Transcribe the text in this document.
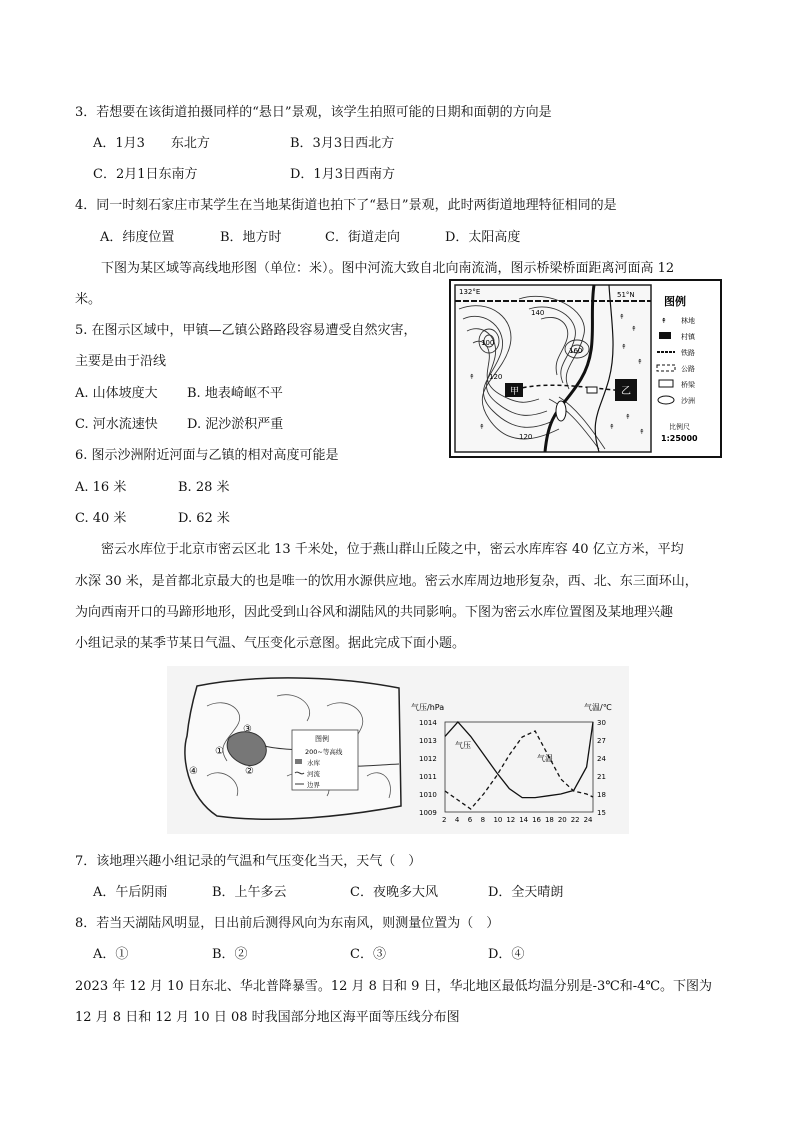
3．若想要在该街道拍摄同样的“悬日”景观，该学生拍照可能的日期和面朝的方向是
A．1月3　　东北方	B．3月3日西北方
C．2月1日东南方	D．1月3日西南方
4．同一时刻石家庄市某学生在当地某街道也拍下了“悬日”景观，此时两街道地理特征相同的是
A．纬度位置	B．地方时	C．街道走向	D．太阳高度
下图为某区域等高线地形图（单位：米）。图中河流大致自北向南流淌，图示桥梁桥面距离河面高 12
米。
5. 在图示区域中，甲镇—乙镇公路路段容易遭受自然灾害，
主要是由于沿线
A. 山体坡度大 B. 地表崎岖不平
C. 河水流速快 D. 泥沙淤积严重
6. 图示沙洲附近河面与乙镇的相对高度可能是
A. 16 米	B. 28 米
C. 40 米	D. 62 米
甲	乙
↟
↟
↟
↟
↟
↟
↟
↟
↟
132°E	51°N
100
120
140
160
120
图例
↟ 林地
村镇
铁路
公路
桥梁
沙洲
比例尺
1:25000
密云水库位于北京市密云区北 13 千米处，位于燕山群山丘陵之中，密云水库库容 40 亿立方米，平均
水深 30 米，是首都北京最大的也是唯一的饮用水源供应地。密云水库周边地形复杂，西、北、东三面环山，
为向西南开口的马蹄形地形，因此受到山谷风和湖陆风的共同影响。下图为密云水库位置图及某地理兴趣
小组记录的某季节某日气温、气压变化示意图。据此完成下面小题。
①
②
③
④
图例
200~等高线
水库
河流
边界
气压/hPa	气温/℃
气压
气温
1009
1010
1011
1012
1013
1014
15
18
21
24
27
30
2 4 6 8 10 12 14 16 18 20 22 24
7．该地理兴趣小组记录的气温和气压变化当天，天气（　）
A．午后阴雨	B．上午多云	C．夜晚多大风	D．全天晴朗
8．若当天湖陆风明显，日出前后测得风向为东南风，则测量位置为（　）
A．①	B．②	C．③	D．④
2023 年 12 月 10 日东北、华北普降暴雪。12 月 8 日和 9 日，华北地区最低均温分别是-3℃和-4℃。下图为
12 月 8 日和 12 月 10 日 08 时我国部分地区海平面等压线分布图
